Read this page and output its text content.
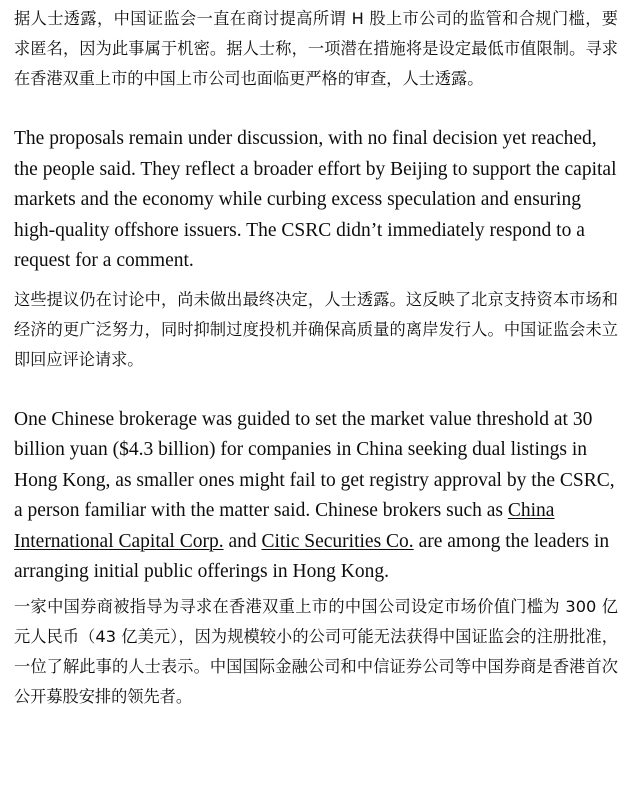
据人士透露，中国证监会一直在商讨提高所谓 H 股上市公司的监管和合规门槛，要求匿名，因为此事属于机密。据人士称，一项潜在措施将是设定最低市值限制。寻求在香港双重上市的中国上市公司也面临更严格的审查，人士透露。

The proposals remain under discussion, with no final decision yet reached, the people said. They reflect a broader effort by Beijing to support the capital markets and the economy while curbing excess speculation and ensuring high-quality offshore issuers. The CSRC didn’t immediately respond to a request for a comment.

这些提议仍在讨论中，尚未做出最终决定，人士透露。这反映了北京支持资本市场和经济的更广泛努力，同时抑制过度投机并确保高质量的离岸发行人。中国证监会未立即回应评论请求。

One Chinese brokerage was guided to set the market value threshold at 30 billion yuan ($4.3 billion) for companies in China seeking dual listings in Hong Kong, as smaller ones might fail to get registry approval by the CSRC, a person familiar with the matter said. Chinese brokers such as China International Capital Corp. and Citic Securities Co. are among the leaders in arranging initial public offerings in Hong Kong.

一家中国券商被指导为寻求在香港双重上市的中国公司设定市场价值门槛为 300 亿元人民币（43 亿美元），因为规模较小的公司可能无法获得中国证监会的注册批准，一位了解此事的人士表示。中国国际金融公司和中信证券公司等中国券商是香港首次公开募股安排的领先者。
